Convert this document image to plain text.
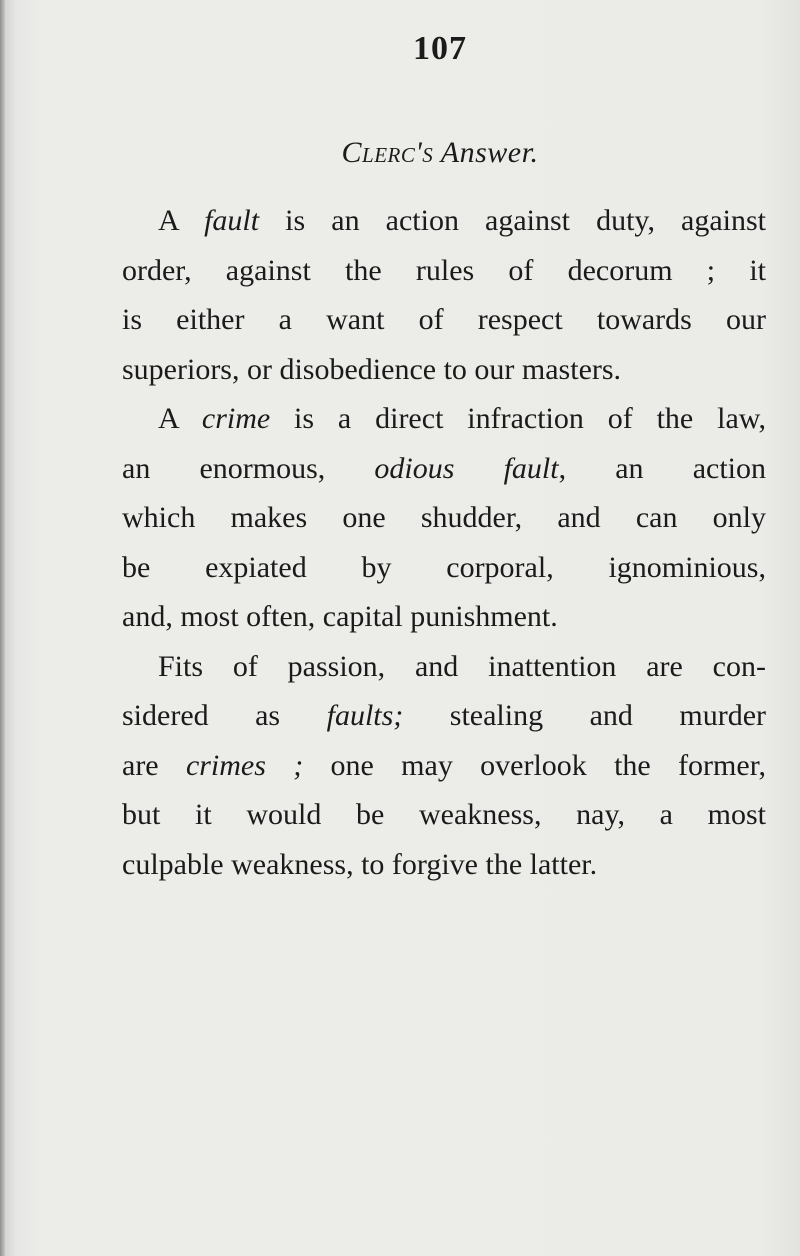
107
Clerc's Answer.
A fault is an action against duty, against
order, against the rules of decorum ; it
is either a want of respect towards our
superiors, or disobedience to our masters.
A crime is a direct infraction of the law,
an enormous, odious fault, an action
which makes one shudder, and can only
be expiated by corporal, ignominious,
and, most often, capital punishment.
Fits of passion, and inattention are con-
sidered as faults; stealing and murder
are crimes ; one may overlook the former,
but it would be weakness, nay, a most
culpable weakness, to forgive the latter.
